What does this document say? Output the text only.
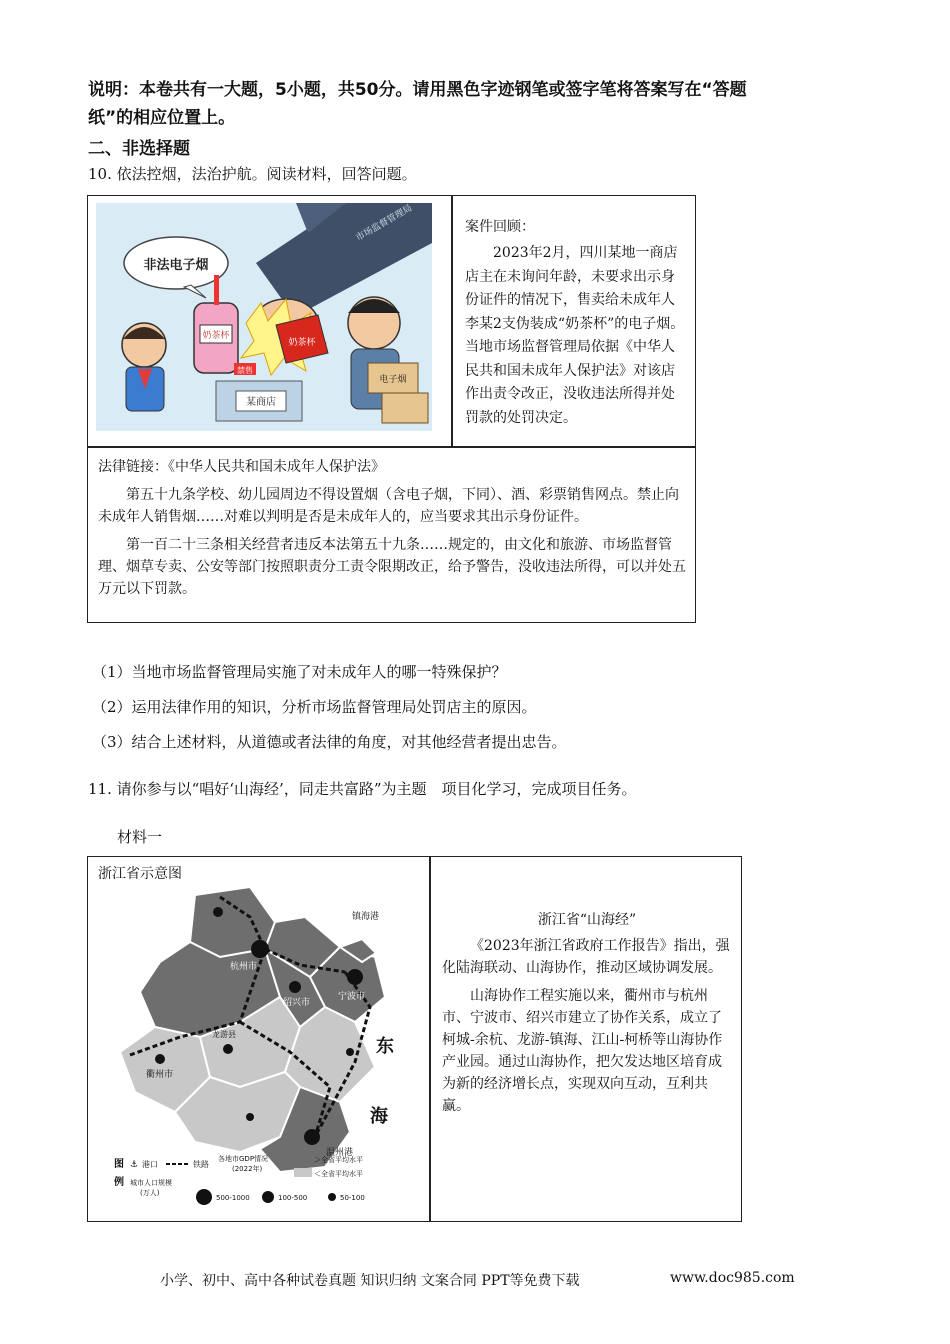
说明：本卷共有一大题，5小题，共50分。请用黑色字迹钢笔或签字笔将答案写在“答题
纸”的相应位置上。
二、非选择题
10. 依法控烟，法治护航。阅读材料，回答问题。
非法电子烟
奶茶杯
某商店
禁售
奶茶杯
电子烟
市场监督管理局	案件回顾：

2023年2月，四川某地一商店店主在未询问年龄，未要求出示身份证件的情况下，售卖给未成年人李某2支伪装成“奶茶杯”的电子烟。当地市场监督管理局依据《中华人民共和国未成年人保护法》对该店作出责令改正，没收违法所得并处罚款的处罚决定。

法律链接：《中华人民共和国未成年人保护法》

第五十九条学校、幼儿园周边不得设置烟（含电子烟，下同）、酒、彩票销售网点。禁止向未成年人销售烟……对难以判明是否是未成年人的，应当要求其出示身份证件。

第一百二十三条相关经营者违反本法第五十九条……规定的，由文化和旅游、市场监督管理、烟草专卖、公安等部门按照职责分工责令限期改正，给予警告，没收违法所得，可以并处五万元以下罚款。

（1）当地市场监督管理局实施了对未成年人的哪一特殊保护？
（2）运用法律作用的知识，分析市场监督管理局处罚店主的原因。
（3）结合上述材料，从道德或者法律的角度，对其他经营者提出忠告。
11. 请你参与以“唱好‘山海经’，同走共富路”为主题　项目化学习，完成项目任务。
材料一
浙江省示意图
镇海港
杭州市
绍兴市
宁波市
衢州市
龙游县
温州港
东
海
图
例
⚓ 港口	铁路
各地市GDP情况
(2022年)
＞全省平均水平
＜全省平均水平
城市人口规模
(万人)
500-1000	100-500	50-100
浙江省“山海经”

《2023年浙江省政府工作报告》指出，强化陆海联动、山海协作，推动区域协调发展。

山海协作工程实施以来，衢州市与杭州市、宁波市、绍兴市建立了协作关系，成立了柯城-余杭、龙游-镇海、江山-柯桥等山海协作产业园。通过山海协作，把欠发达地区培育成为新的经济增长点，实现双向互动，互利共赢。

小学、初中、高中各种试卷真题 知识归纳 文案合同 PPT等免费下载	www.doc985.com
